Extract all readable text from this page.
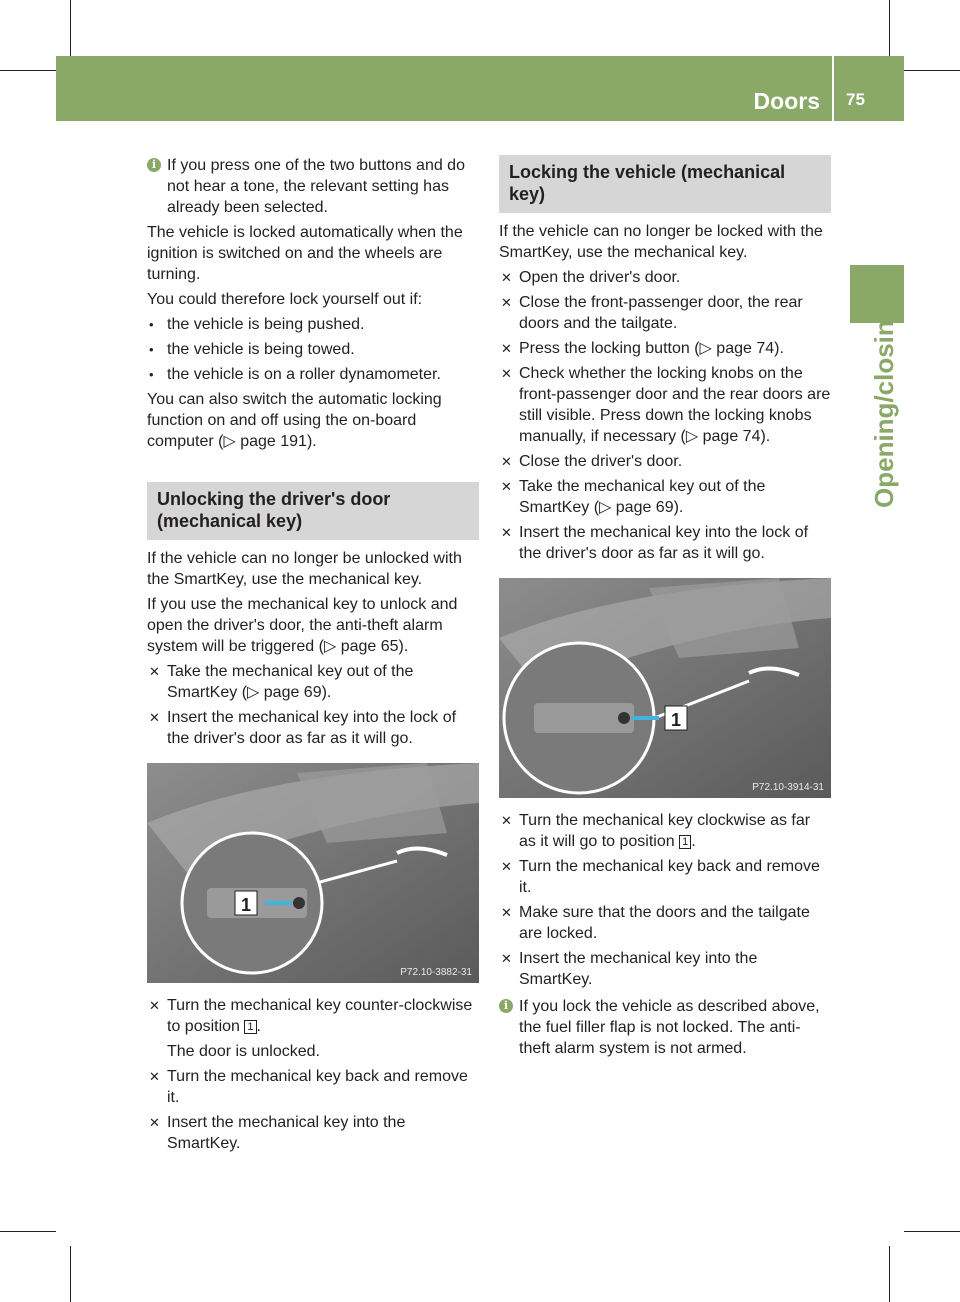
Doors 75
Opening/closing
i If you press one of the two buttons and do not hear a tone, the relevant setting has already been selected.

The vehicle is locked automatically when the ignition is switched on and the wheels are turning.

You could therefore lock yourself out if:

• the vehicle is being pushed.
• the vehicle is being towed.
• the vehicle is on a roller dynamometer.

You can also switch the automatic locking function on and off using the on-board computer (▷ page 191).

Unlocking the driver's door (mechanical key)

If the vehicle can no longer be unlocked with the SmartKey, use the mechanical key.

If you use the mechanical key to unlock and open the driver's door, the anti-theft alarm system will be triggered (▷ page 65).

✕ Take the mechanical key out of the SmartKey (▷ page 69).
✕ Insert the mechanical key into the lock of the driver's door as far as it will go.
1
P72.10-3882-31
✕ Turn the mechanical key counter-clockwise to position 1 .

The door is unlocked.

✕ Turn the mechanical key back and remove it.
✕ Insert the mechanical key into the SmartKey.
Locking the vehicle (mechanical key)

If the vehicle can no longer be locked with the SmartKey, use the mechanical key.

✕ Open the driver's door.
✕ Close the front-passenger door, the rear doors and the tailgate.
✕ Press the locking button (▷ page 74).
✕ Check whether the locking knobs on the front-passenger door and the rear doors are still visible. Press down the locking knobs manually, if necessary (▷ page 74).
✕ Close the driver's door.
✕ Take the mechanical key out of the SmartKey (▷ page 69).
✕ Insert the mechanical key into the lock of the driver's door as far as it will go.
1
P72.10-3914-31
✕ Turn the mechanical key clockwise as far as it will go to position 1 .
✕ Turn the mechanical key back and remove it.
✕ Make sure that the doors and the tailgate are locked.
✕ Insert the mechanical key into the SmartKey.
i If you lock the vehicle as described above, the fuel filler flap is not locked. The anti-theft alarm system is not armed.
